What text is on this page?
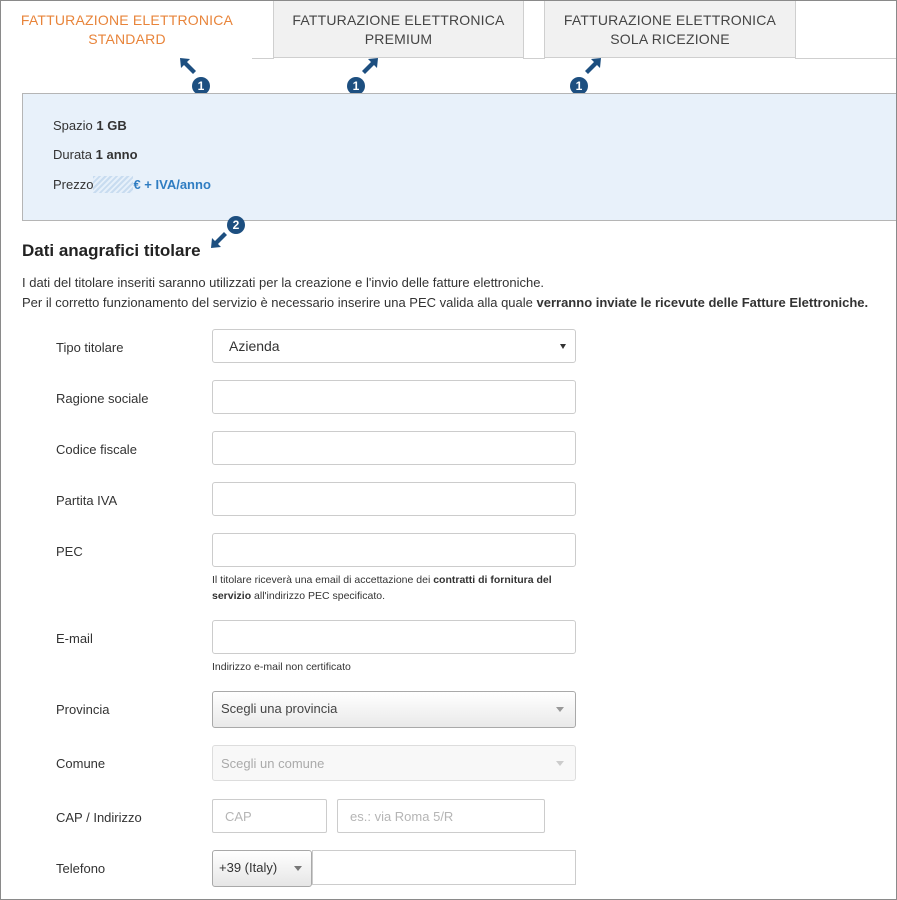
FATTURAZIONE ELETTRONICA
STANDARD
FATTURAZIONE ELETTRONICA
PREMIUM
FATTURAZIONE ELETTRONICA
SOLA RICEZIONE
1	1	1
Spazio 1 GB
Durata 1 anno
Prezzo	€ + IVA/anno
2
Dati anagrafici titolare
I dati del titolare inseriti saranno utilizzati per la creazione e l'invio delle fatture elettroniche.
Per il corretto funzionamento del servizio è necessario inserire una PEC valida alla quale verranno inviate le ricevute delle Fatture Elettroniche.
Tipo titolare	Azienda
Ragione sociale
Codice fiscale
Partita IVA
PEC
Il titolare riceverà una email di accettazione dei contratti di fornitura del
servizio all'indirizzo PEC specificato.
E-mail
Indirizzo e-mail non certificato
Provincia	Scegli una provincia
Comune	Scegli un comune
CAP / Indirizzo	CAP	es.: via Roma 5/R
Telefono	+39 (Italy)
